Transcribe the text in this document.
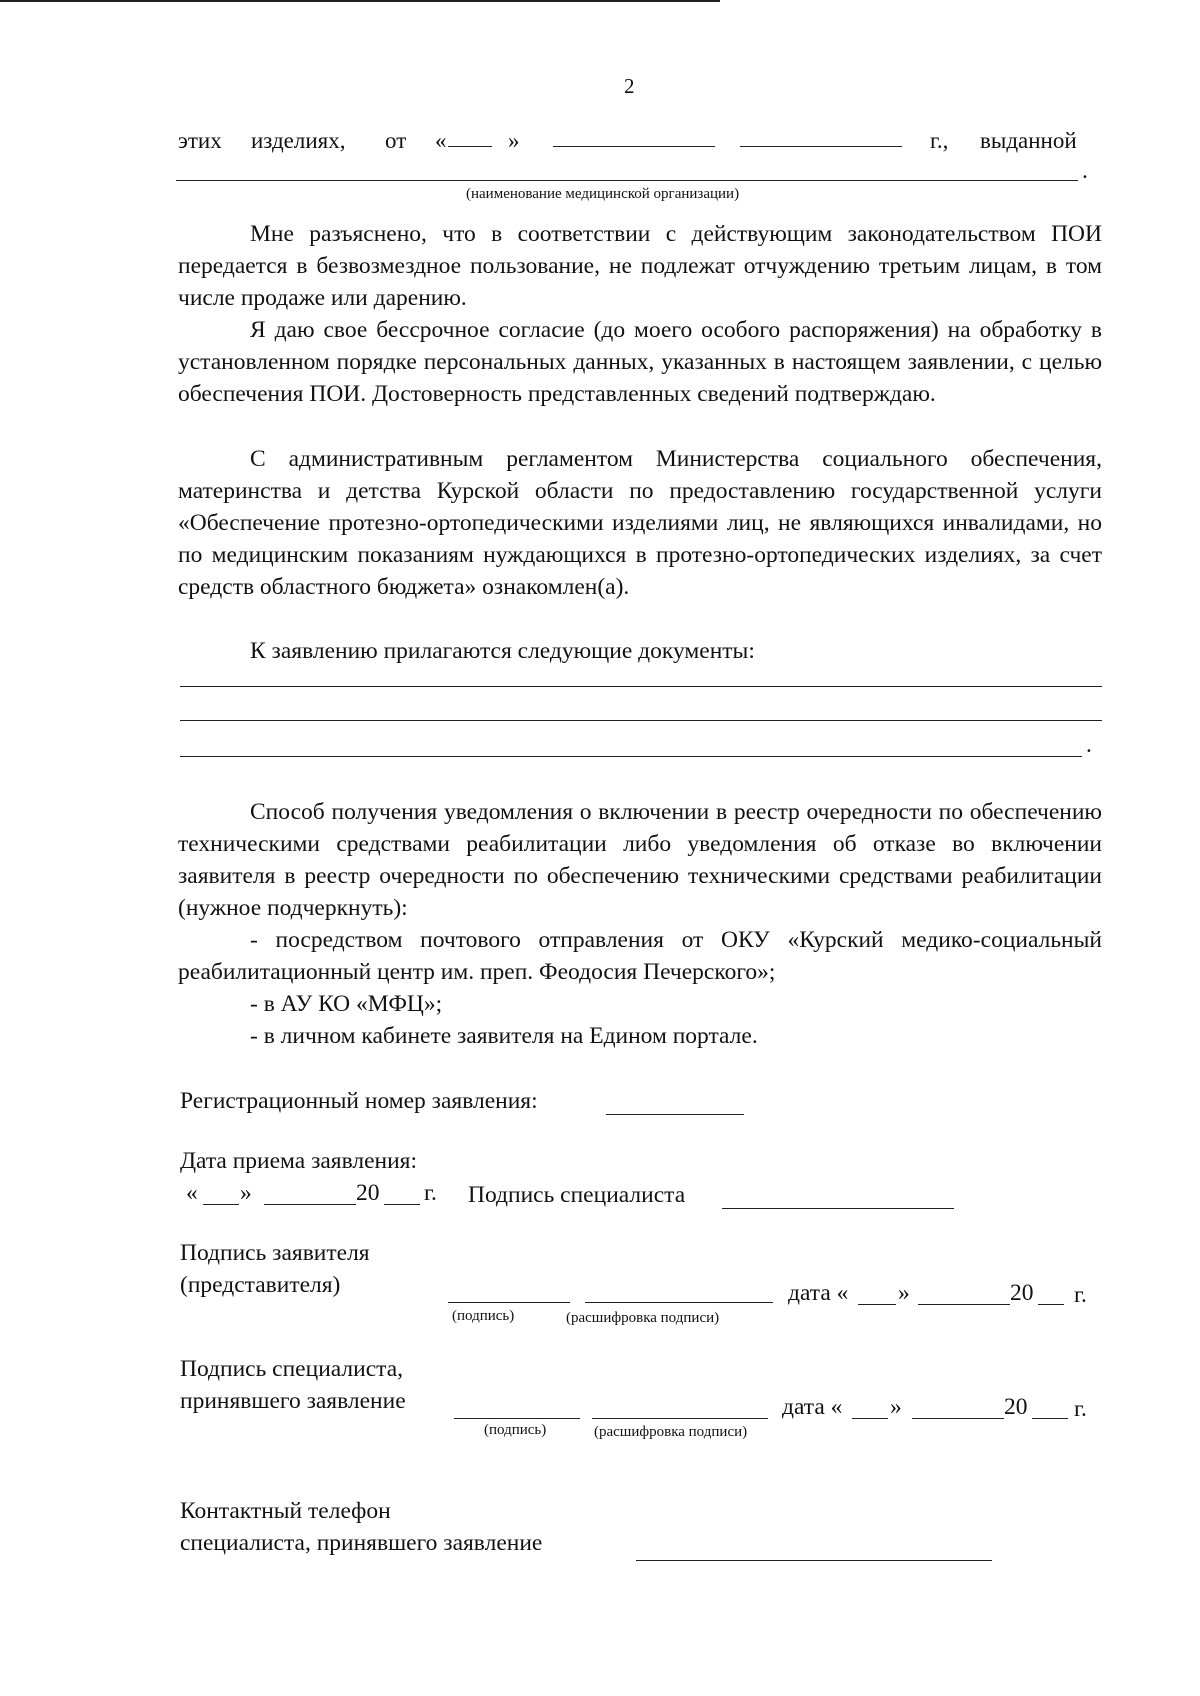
2
этих изделиях, от «	»	г., выданной
.
(наименование медицинской организации)

Мне разъяснено, что в соответствии с действующим законодательством ПОИ передается в безвозмездное пользование, не подлежат отчуждению третьим лицам, в том числе продаже или дарению.

Я даю свое бессрочное согласие (до моего особого распоряжения) на обработку в установленном порядке персональных данных, указанных в настоящем заявлении, с целью обеспечения ПОИ. Достоверность представленных сведений подтверждаю.

С административным регламентом Министерства социального обеспечения, материнства и детства Курской области по предоставлению государственной услуги «Обеспечение протезно-ортопедическими изделиями лиц, не являющихся инвалидами, но по медицинским показаниям нуждающихся в протезно-ортопедических изделиях, за счет средств областного бюджета» ознакомлен(а).

К заявлению прилагаются следующие документы:

.

Способ получения уведомления о включении в реестр очередности по обеспечению техническими средствами реабилитации либо уведомления об отказе во включении заявителя в реестр очередности по обеспечению техническими средствами реабилитации (нужное подчеркнуть):

- посредством почтового отправления от ОКУ «Курский медико-социальный реабилитационный центр им. преп. Феодосия Печерского»;

- в АУ КО «МФЦ»;
- в личном кабинете заявителя на Едином портале.
Регистрационный номер заявления:
Дата приема заявления:
« »	20 г. Подпись специалиста
Подпись заявителя
(представителя)
(подпись)	(расшифровка подписи)
дата « »	20 г.
Подпись специалиста,
принявшего заявление
(подпись)	(расшифровка подписи)
дата « »	20 г.
Контактный телефон
специалиста, принявшего заявление
